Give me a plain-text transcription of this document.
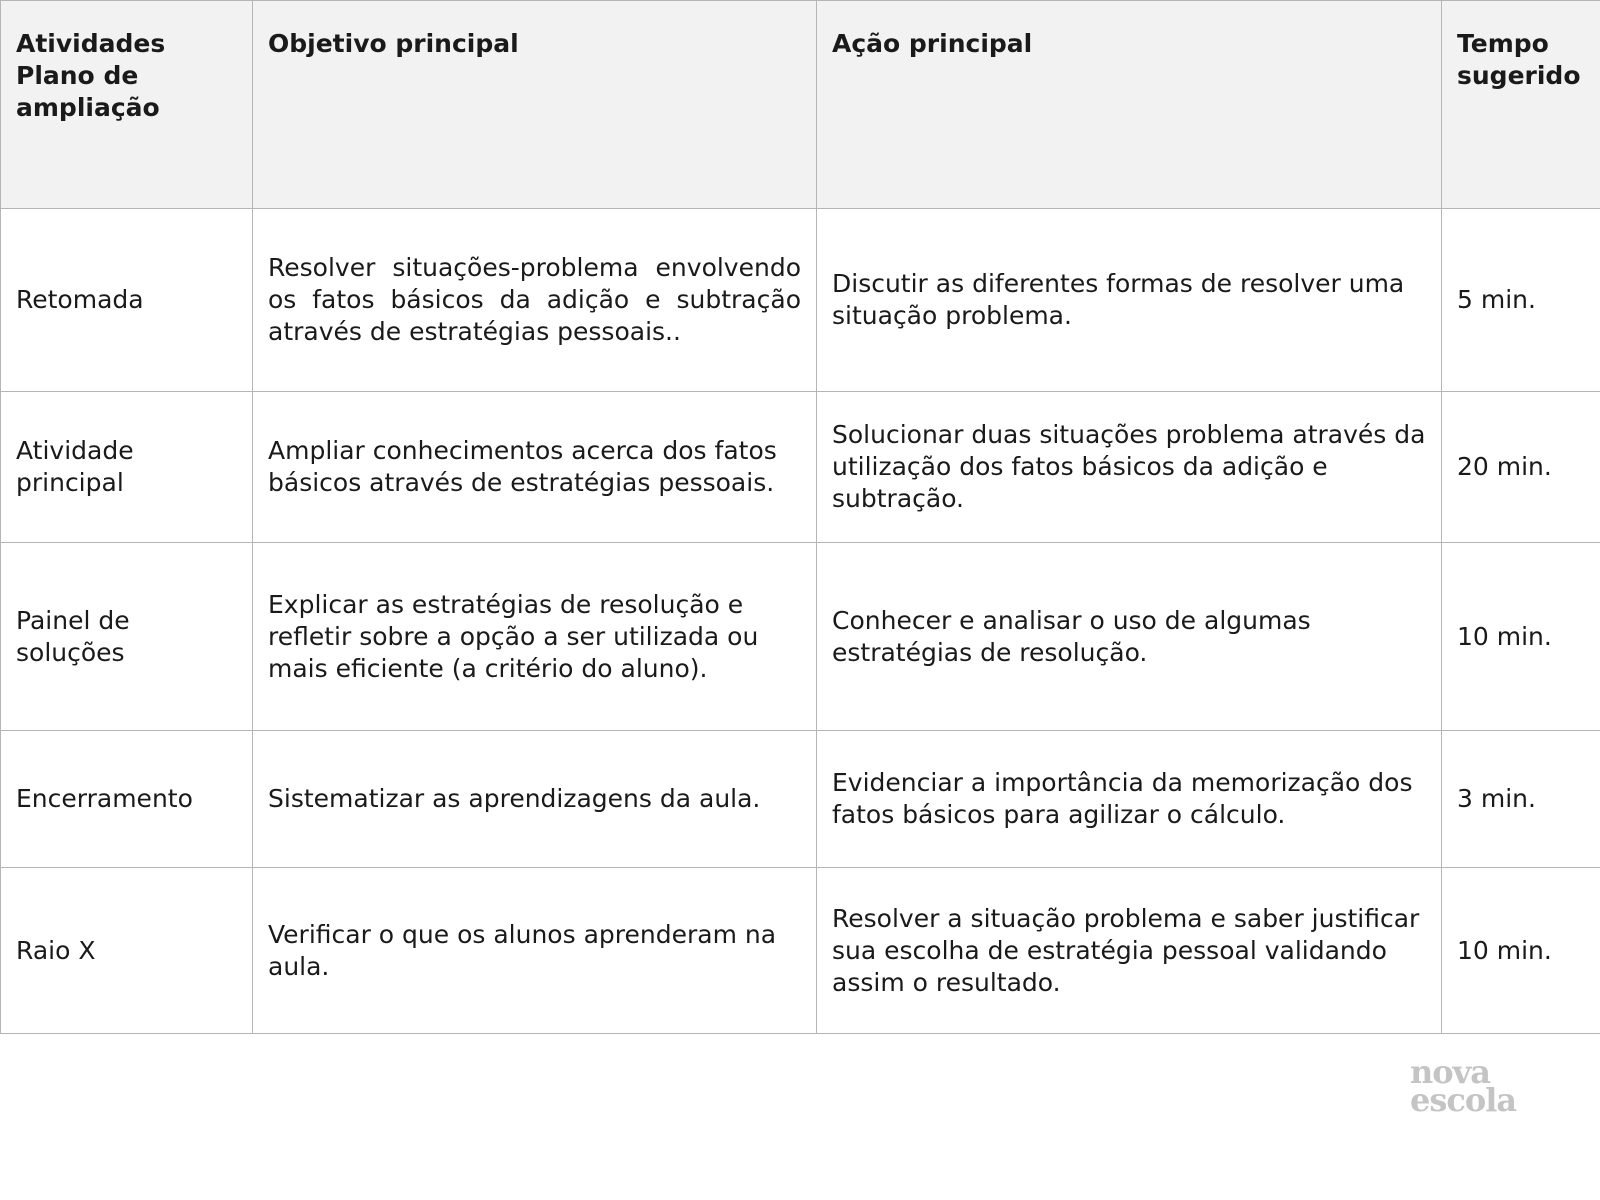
Atividades Plano de ampliação	Objetivo principal	Ação principal	Tempo sugerido
Retomada	Resolver situações-problema envolvendo os fatos básicos da adição e subtração através de estratégias pessoais..	Discutir as diferentes formas de resolver uma situação problema.	5 min.
Atividade principal	Ampliar conhecimentos acerca dos fatos básicos através de estratégias pessoais.	Solucionar duas situações problema através da utilização dos fatos básicos da adição e subtração.	20 min.
Painel de soluções	Explicar as estratégias de resolução e refletir sobre a opção a ser utilizada ou mais eficiente (a critério do aluno).	Conhecer e analisar o uso de algumas estratégias de resolução.	10 min.
Encerramento	Sistematizar as aprendizagens da aula.	Evidenciar a importância da memorização dos fatos básicos para agilizar o cálculo.	3 min.
Raio X	Verificar o que os alunos aprenderam na aula.	Resolver a situação problema e saber justificar sua escolha de estratégia pessoal validando assim o resultado.	10 min.
nova
escola
